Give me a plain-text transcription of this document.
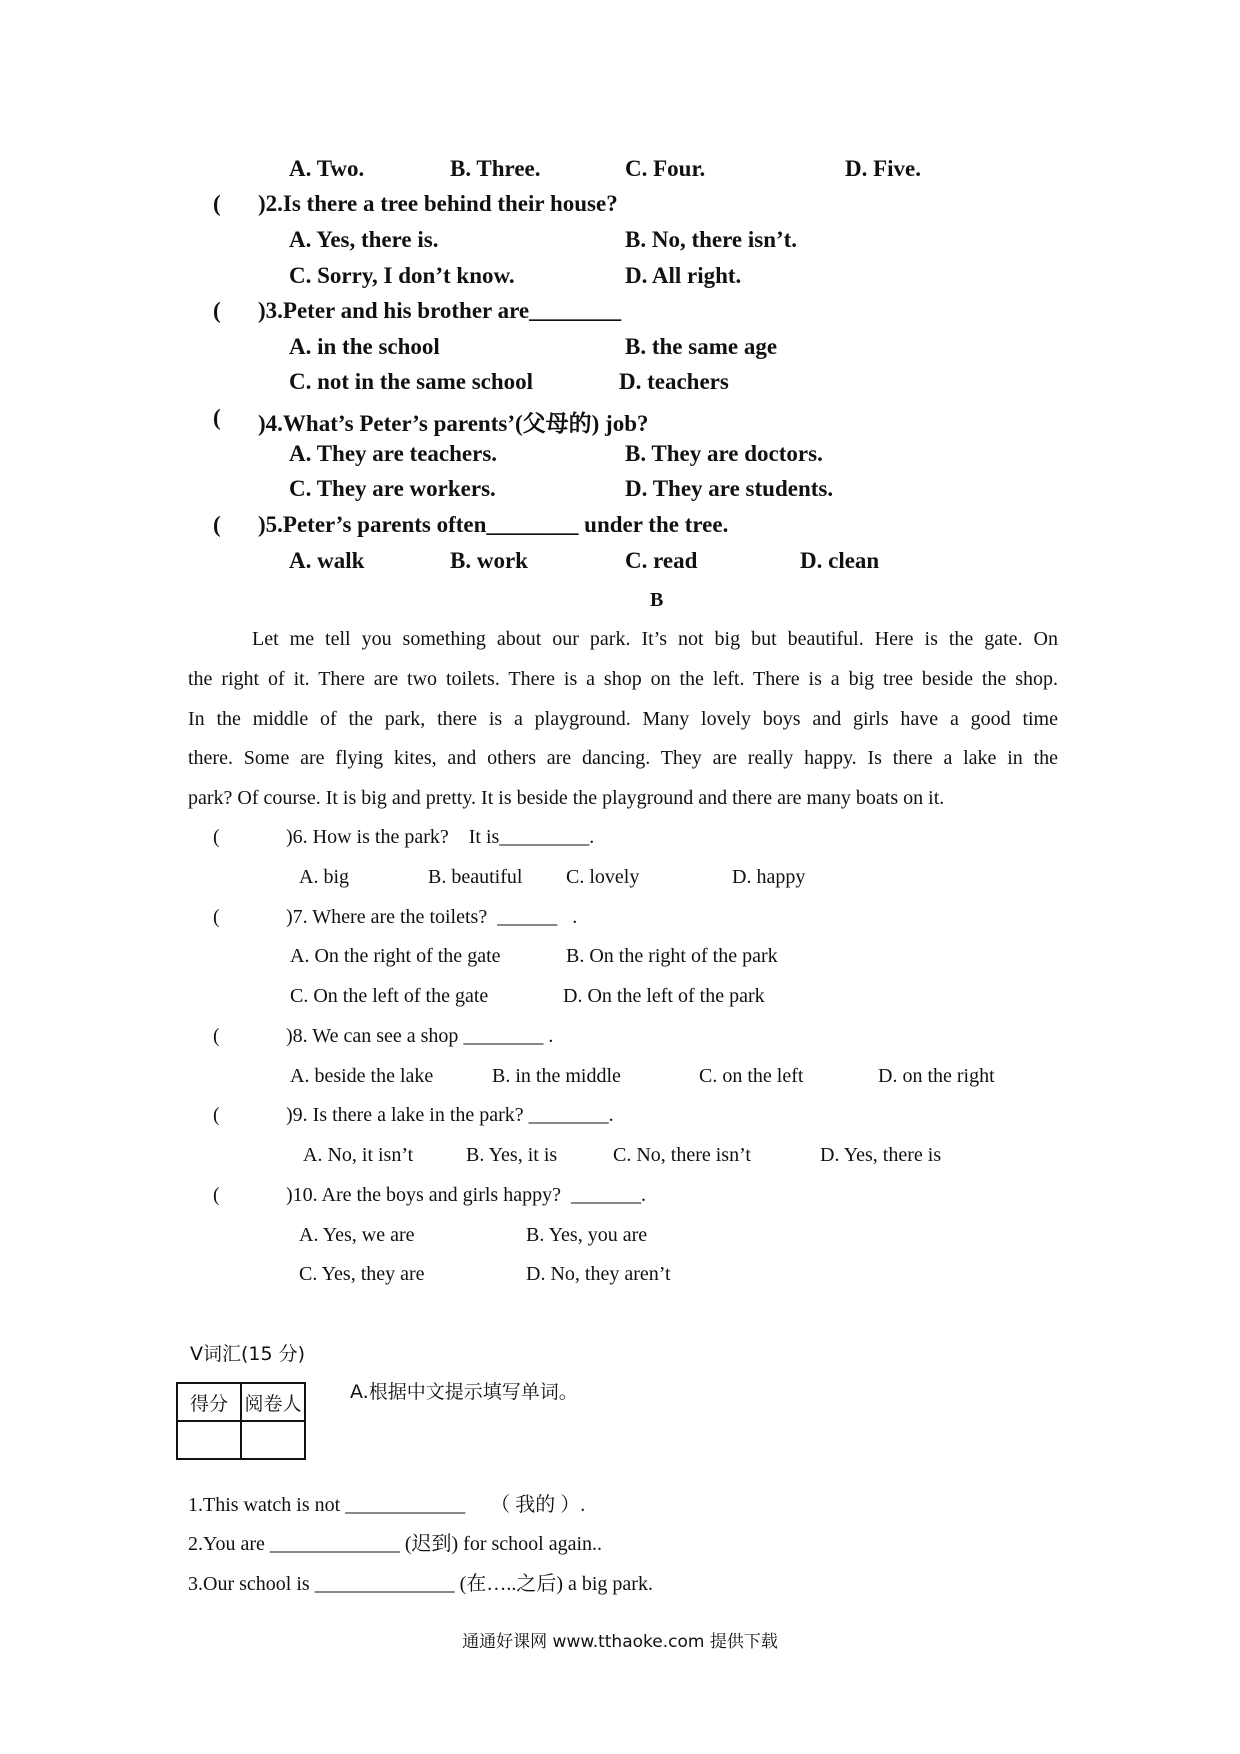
A. Two.	B. Three.	C. Four.	D. Five.
( )2.Is there a tree behind their house?
A. Yes, there is.	B. No, there isn’t.
C. Sorry, I don’t know.	D. All right.
( )3.Peter and his brother are________
A. in the school	B. the same age
C. not in the same school	D. teachers
( )4.What’s Peter’s parents’(父母的) job?
A. They are teachers.	B. They are doctors.
C. They are workers.	D. They are students.
( )5.Peter’s parents often________ under the tree.
A. walk	B. work	C. read	D. clean
B
Let me tell you something about our park. It’s not big but beautiful. Here is the gate. On
the right of it. There are two toilets. There is a shop on the left. There is a big tree beside the shop.
In the middle of the park, there is a playground. Many lovely boys and girls have a good time
there. Some are flying kites, and others are dancing. They are really happy. Is there a lake in the
park? Of course. It is big and pretty. It is beside the playground and there are many boats on it.
(	)6. How is the park?    It is_________.
A. big	B. beautiful C. lovely	D. happy
(	)7. Where are the toilets?  ______   .
A. On the right of the gate	B. On the right of the park
C. On the left of the gate	D. On the left of the park
(	)8. We can see a shop ________ .
A. beside the lake	B. in the middle	C. on the left	D. on the right
(	)9. Is there a lake in the park? ________.
A. No, it isn’t	B. Yes, it is	C. No, there isn’t	D. Yes, there is
(	)10. Are the boys and girls happy?  _______.
A. Yes, we are	B. Yes, you are
C. Yes, they are	D. No, they aren’t
V词汇(15 分)
得分	阅卷人

A.根据中文提示填写单词。
1.This watch is not ____________     （ 我的 ）.
2.You are _____________ (迟到) for school again..
3.Our school is ______________ (在…..之后) a big park.
通通好课网 www.tthaoke.com 提供下载
